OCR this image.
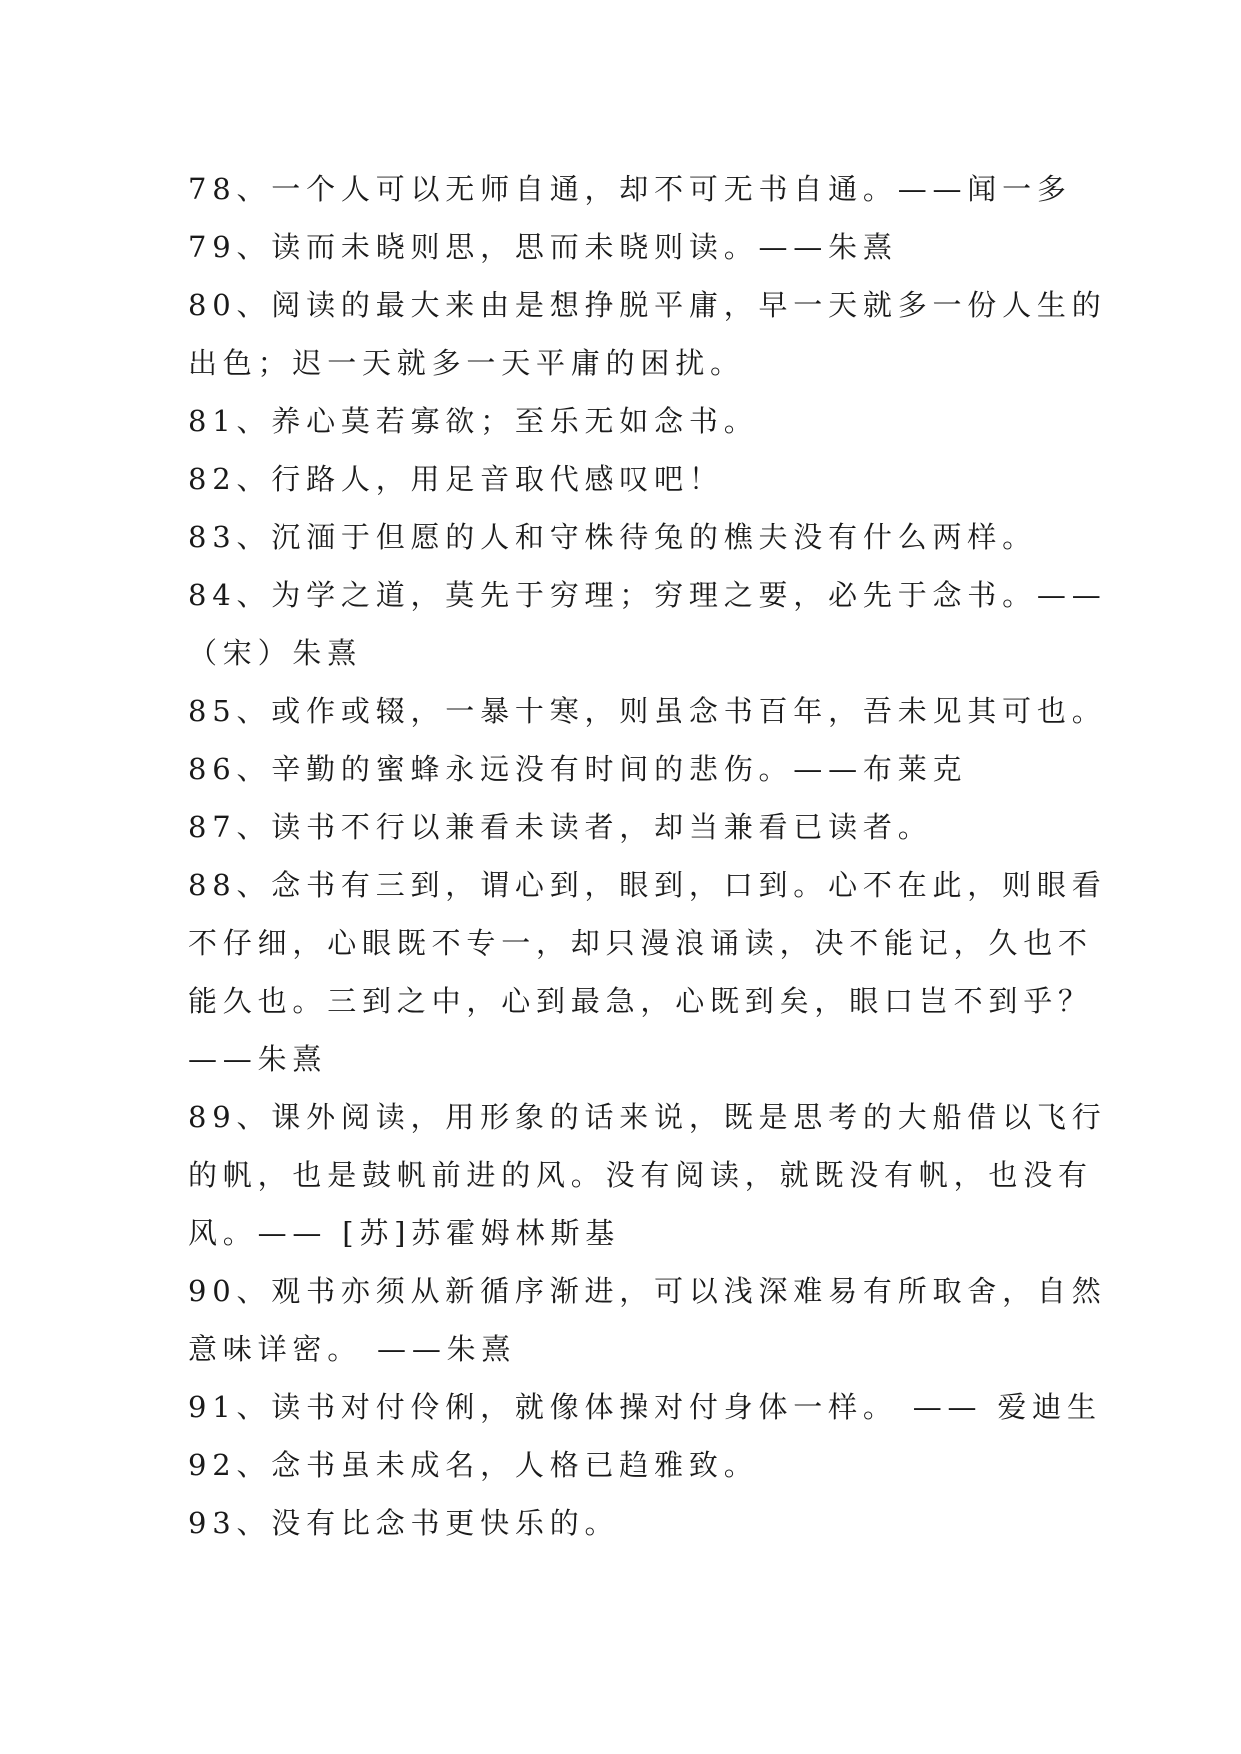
78、一个人可以无师自通，却不可无书自通。——闻一多
79、读而未晓则思，思而未晓则读。——朱熹
80、阅读的最大来由是想挣脱平庸，早一天就多一份人生的
出色；迟一天就多一天平庸的困扰。
81、养心莫若寡欲；至乐无如念书。
82、行路人，用足音取代感叹吧！
83、沉湎于但愿的人和守株待兔的樵夫没有什么两样。
84、为学之道，莫先于穷理；穷理之要，必先于念书。——
（宋）朱熹
85、或作或辍，一暴十寒，则虽念书百年，吾未见其可也。
86、辛勤的蜜蜂永远没有时间的悲伤。——布莱克
87、读书不行以兼看未读者，却当兼看已读者。
88、念书有三到，谓心到，眼到，口到。心不在此，则眼看
不仔细，心眼既不专一，却只漫浪诵读，决不能记，久也不
能久也。三到之中，心到最急，心既到矣，眼口岂不到乎？
——朱熹
89、课外阅读，用形象的话来说，既是思考的大船借以飞行
的帆，也是鼓帆前进的风。没有阅读，就既没有帆，也没有
风。—— [苏]苏霍姆林斯基
90、观书亦须从新循序渐进，可以浅深难易有所取舍，自然
意味详密。 ——朱熹
91、读书对付伶俐，就像体操对付身体一样。 —— 爱迪生
92、念书虽未成名，人格已趋雅致。
93、没有比念书更快乐的。
